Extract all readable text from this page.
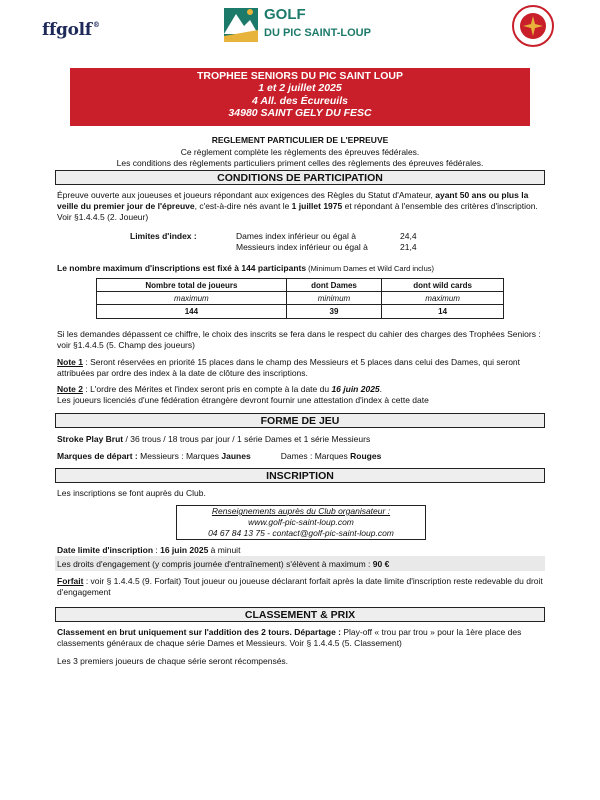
ffgolf®
GOLF
DU PIC SAINT-LOUP
TROPHEE SENIORS DU PIC SAINT LOUP
1 et 2 juillet 2025
4 All. des Écureuils
34980 SAINT GELY DU FESC
REGLEMENT PARTICULIER DE L'EPREUVE
Ce règlement complète les règlements des épreuves fédérales.
Les conditions des règlements particuliers priment celles des règlements des épreuves fédérales.
CONDITIONS DE PARTICIPATION
Épreuve ouverte aux joueuses et joueurs répondant aux exigences des Règles du Statut d'Amateur, ayant 50 ans ou plus la veille du premier jour de l'épreuve, c'est-à-dire nés avant le 1 juillet 1975 et répondant à l'ensemble des critères d'inscription. Voir §1.4.4.5 (2. Joueur)
Limites d'index :	Dames index inférieur ou égal à	24,4
Messieurs index inférieur ou égal à	21,4
Le nombre maximum d'inscriptions est fixé à 144 participants (Minimum Dames et Wild Card inclus)
Nombre total de joueurs	dont Dames	dont wild cards
maximum	minimum	maximum
144	39	14
Si les demandes dépassent ce chiffre, le choix des inscrits se fera dans le respect du cahier des charges des Trophées Seniors : voir §1.4.4.5 (5. Champ des joueurs)
Note 1 : Seront réservées en priorité 15 places dans le champ des Messieurs et 5 places dans celui des Dames, qui seront attribuées par ordre des index à la date de clôture des inscriptions.
Note 2 : L'ordre des Mérites et l'index seront pris en compte à la date du 16 juin 2025.
Les joueurs licenciés d'une fédération étrangère devront fournir une attestation d'index à cette date
FORME DE JEU
Stroke Play Brut / 36 trous / 18 trous par jour / 1 série Dames et 1 série Messieurs
Marques de départ : Messieurs : Marques Jaunes	Dames : Marques Rouges
INSCRIPTION
Les inscriptions se font auprès du Club.
Renseignements auprès du Club organisateur :
www.golf-pic-saint-loup.com
04 67 84 13 75 - contact@golf-pic-saint-loup.com
Date limite d'inscription : 16 juin 2025 à minuit
Les droits d'engagement (y compris journée d'entraînement) s'élèvent à maximum : 90 €
Forfait : voir § 1.4.4.5 (9. Forfait) Tout joueur ou joueuse déclarant forfait après la date limite d'inscription reste redevable du droit d'engagement
CLASSEMENT & PRIX
Classement en brut uniquement sur l'addition des 2 tours. Départage : Play-off « trou par trou » pour la 1ère place des classements généraux de chaque série Dames et Messieurs. Voir § 1.4.4.5 (5. Classement)
Les 3 premiers joueurs de chaque série seront récompensés.
